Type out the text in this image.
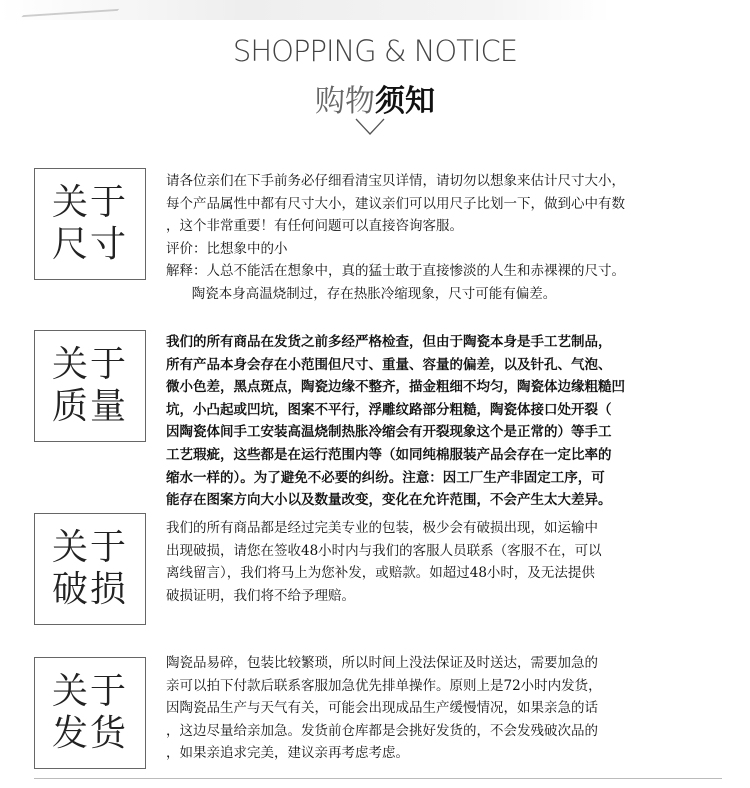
SHOPPING & NOTICE
购物须知
关于
尺寸

请各位亲们在下手前务必仔细看清宝贝详情，请切勿以想象来估计尺寸大小，
每个产品属性中都有尺寸大小，建议亲们可以用尺子比划一下，做到心中有数
，这个非常重要！有任何问题可以直接咨询客服。
评价：比想象中的小
解释：人总不能活在想象中，真的猛士敢于直接惨淡的人生和赤裸裸的尺寸。
陶瓷本身高温烧制过，存在热胀冷缩现象，尺寸可能有偏差。

关于
质量

我们的所有商品在发货之前多经严格检查，但由于陶瓷本身是手工艺制品，
所有产品本身会存在小范围但尺寸、重量、容量的偏差，以及针孔、气泡、
微小色差，黑点斑点，陶瓷边缘不整齐，描金粗细不均匀，陶瓷体边缘粗糙凹
坑，小凸起或凹坑，图案不平行，浮雕纹路部分粗糙，陶瓷体接口处开裂（
因陶瓷体间手工安装高温烧制热胀冷缩会有开裂现象这个是正常的）等手工
工艺瑕疵，这些都是在运行范围内等（如同纯棉服装产品会存在一定比率的
缩水一样的）。为了避免不必要的纠纷。注意：因工厂生产非固定工序，可
能存在图案方向大小以及数量改变，变化在允许范围，不会产生太大差异。

关于
破损

我们的所有商品都是经过完美专业的包装，极少会有破损出现，如运输中
出现破损，请您在签收48小时内与我们的客服人员联系（客服不在，可以
离线留言），我们将马上为您补发，或赔款。如超过48小时，及无法提供
破损证明，我们将不给予理赔。

关于
发货

陶瓷品易碎，包装比较繁琐，所以时间上没法保证及时送达，需要加急的
亲可以拍下付款后联系客服加急优先排单操作。原则上是72小时内发货，
因陶瓷品生产与天气有关，可能会出现成品生产缓慢情况，如果亲急的话
，这边尽量给亲加急。发货前仓库都是会挑好发货的，不会发残破次品的
，如果亲追求完美，建议亲再考虑考虑。
